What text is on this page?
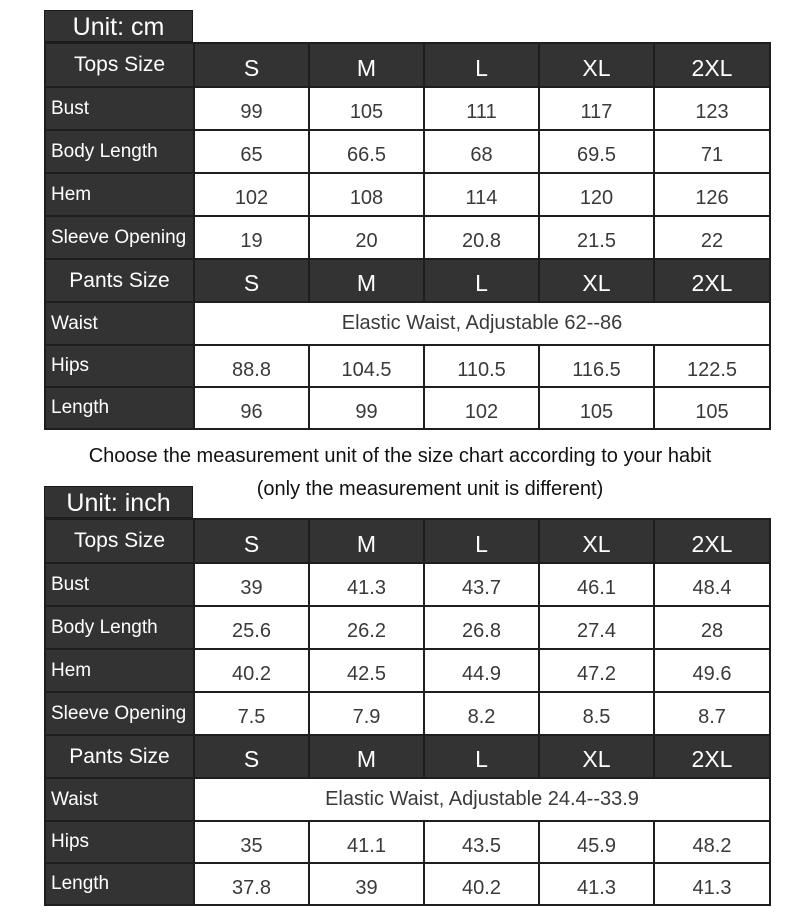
Unit: cm
Tops Size	S	M	L	XL	2XL
Bust	99	105	111	117	123
Body Length	65	66.5	68	69.5	71
Hem	102	108	114	120	126
Sleeve Opening	19	20	20.8	21.5	22
Pants Size	S	M	L	XL	2XL
Waist	Elastic Waist, Adjustable 62--86				
Hips	88.8	104.5	110.5	116.5	122.5
Length	96	99	102	105	105
Choose the measurement unit of the size chart according to your habit
(only the measurement unit is different)
Unit: inch
Tops Size	S	M	L	XL	2XL
Bust	39	41.3	43.7	46.1	48.4
Body Length	25.6	26.2	26.8	27.4	28
Hem	40.2	42.5	44.9	47.2	49.6
Sleeve Opening	7.5	7.9	8.2	8.5	8.7
Pants Size	S	M	L	XL	2XL
Waist	Elastic Waist, Adjustable 24.4--33.9				
Hips	35	41.1	43.5	45.9	48.2
Length	37.8	39	40.2	41.3	41.3
